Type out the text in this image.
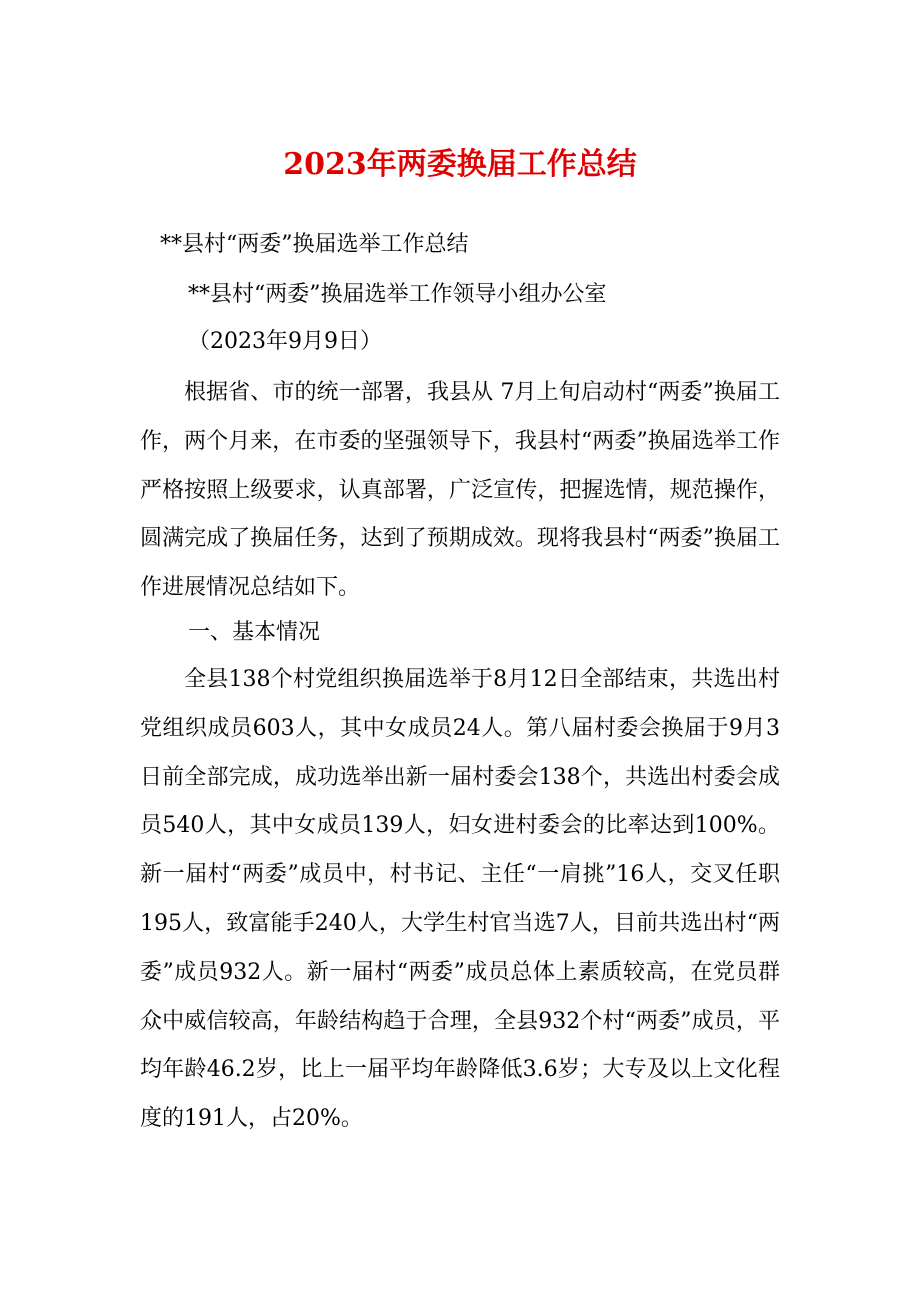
2023年两委换届工作总结
**县村“两委”换届选举工作总结
**县村“两委”换届选举工作领导小组办公室
（2023年9月9日）

根据省、市的统一部署，我县从 7月上旬启动村“两委”换届工作，两个月来，在市委的坚强领导下，我县村“两委”换届选举工作严格按照上级要求，认真部署，广泛宣传，把握选情，规范操作，圆满完成了换届任务，达到了预期成效。现将我县村“两委”换届工作进展情况总结如下。

一、基本情况

全县138个村党组织换届选举于8月12日全部结束，共选出村党组织成员603人，其中女成员24人。第八届村委会换届于9月3日前全部完成，成功选举出新一届村委会138个，共选出村委会成员540人，其中女成员139人，妇女进村委会的比率达到100%。新一届村“两委”成员中，村书记、主任“一肩挑”16人，交叉任职195人，致富能手240人，大学生村官当选7人，目前共选出村“两委”成员932人。新一届村“两委”成员总体上素质较高，在党员群众中威信较高，年龄结构趋于合理，全县932个村“两委”成员，平均年龄46.2岁，比上一届平均年龄降低3.6岁；大专及以上文化程度的191人，占20%。
